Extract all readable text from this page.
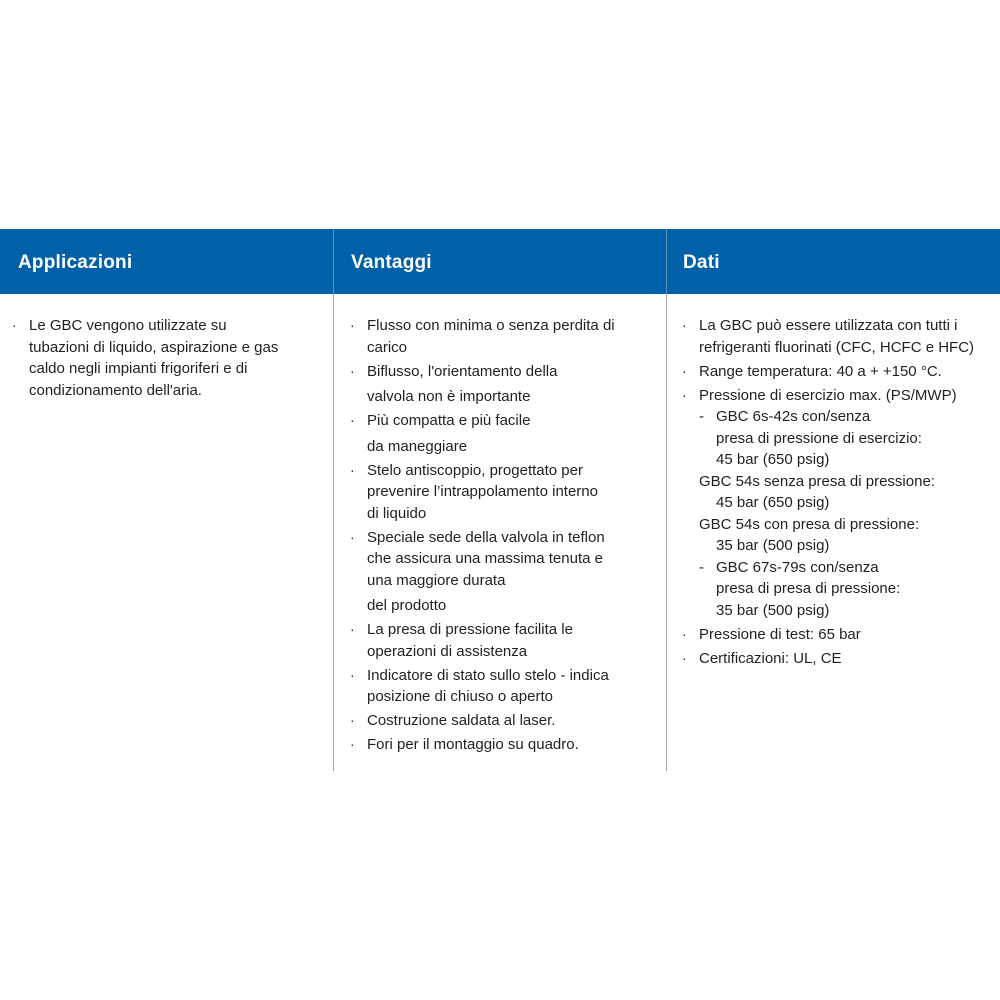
Applicazioni	Vantaggi	Dati
· Le GBC vengono utilizzate su
tubazioni di liquido, aspirazione e gas
caldo negli impianti frigoriferi e di
condizionamento dell'aria.
· Flusso con minima o senza perdita di
carico
· Biflusso, l'orientamento della
valvola non è importante
· Più compatta e più facile
da maneggiare
· Stelo antiscoppio, progettato per
prevenire l’intrappolamento interno
di liquido
· Speciale sede della valvola in teflon
che assicura una massima tenuta e
una maggiore durata
del prodotto
· La presa di pressione facilita le
operazioni di assistenza
· Indicatore di stato sullo stelo - indica
posizione di chiuso o aperto
· Costruzione saldata al laser.
· Fori per il montaggio su quadro.
· La GBC può essere utilizzata con tutti i
refrigeranti fluorinati (CFC, HCFC e HFC)
· Range temperatura: 40 a + +150 °C.
· Pressione di esercizio max. (PS/MWP)
- GBC 6s-42s con/senza
presa di pressione di esercizio:
45 bar (650 psig)
GBC 54s senza presa di pressione:
45 bar (650 psig)
GBC 54s con presa di pressione:
35 bar (500 psig)
- GBC 67s-79s con/senza
presa di presa di pressione:
35 bar (500 psig)
· Pressione di test: 65 bar
· Certificazioni: UL, CE
